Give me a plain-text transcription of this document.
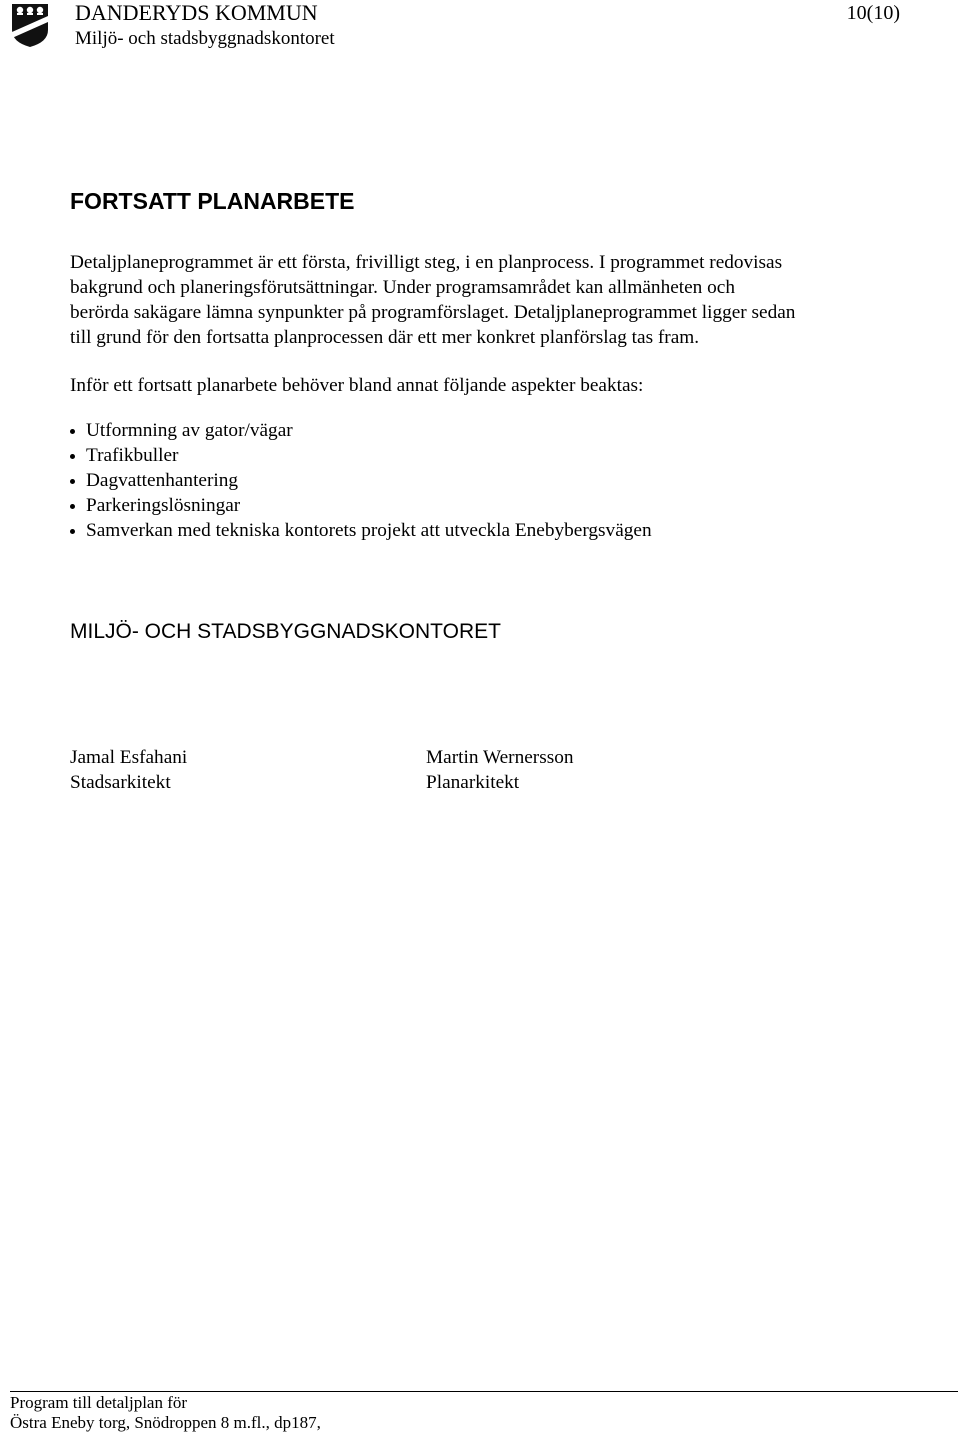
DANDERYDS KOMMUN
Miljö- och stadsbyggnadskontoret
10(10)
FORTSATT PLANARBETE
Detaljplaneprogrammet är ett första, frivilligt steg, i en planprocess. I programmet redovisas
bakgrund och planeringsförutsättningar. Under programsamrådet kan allmänheten och
berörda sakägare lämna synpunkter på programförslaget. Detaljplaneprogrammet ligger sedan
till grund för den fortsatta planprocessen där ett mer konkret planförslag tas fram.
Inför ett fortsatt planarbete behöver bland annat följande aspekter beaktas:
Utformning av gator/vägar
Trafikbuller
Dagvattenhantering
Parkeringslösningar
Samverkan med tekniska kontorets projekt att utveckla Enebybergsvägen
MILJÖ- OCH STADSBYGGNADSKONTORET
Jamal Esfahani
Stadsarkitekt
Martin Wernersson
Planarkitekt
Program till detaljplan för
Östra Eneby torg, Snödroppen 8 m.fl., dp187,
